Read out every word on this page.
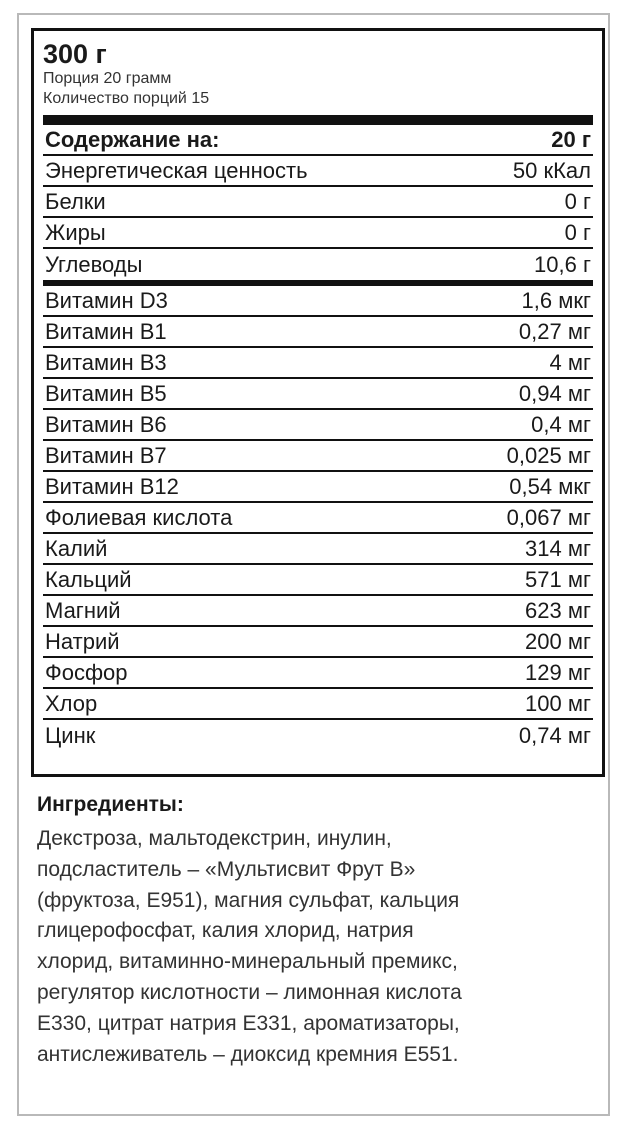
300 г
Порция 20 грамм
Количество порций 15
Содержание на:	20 г
Энергетическая ценность	50 кКал
Белки	0 г
Жиры	0 г
Углеводы	10,6 г
Витамин D3	1,6 мкг
Витамин В1	0,27 мг
Витамин В3	4 мг
Витамин В5	0,94 мг
Витамин В6	0,4 мг
Витамин В7	0,025 мг
Витамин В12	0,54 мкг
Фолиевая кислота	0,067 мг
Калий	314 мг
Кальций	571 мг
Магний	623 мг
Натрий	200 мг
Фосфор	129 мг
Хлор	100 мг
Цинк	0,74 мг
Ингредиенты:
Декстроза, мальтодекстрин, инулин,
подсластитель – «Мультисвит Фрут В»
(фруктоза, Е951), магния сульфат, кальция
глицерофосфат, калия хлорид, натрия
хлорид, витаминно-минеральный премикс,
регулятор кислотности – лимонная кислота
Е330, цитрат натрия Е331, ароматизаторы,
антислеживатель – диоксид кремния Е551.
